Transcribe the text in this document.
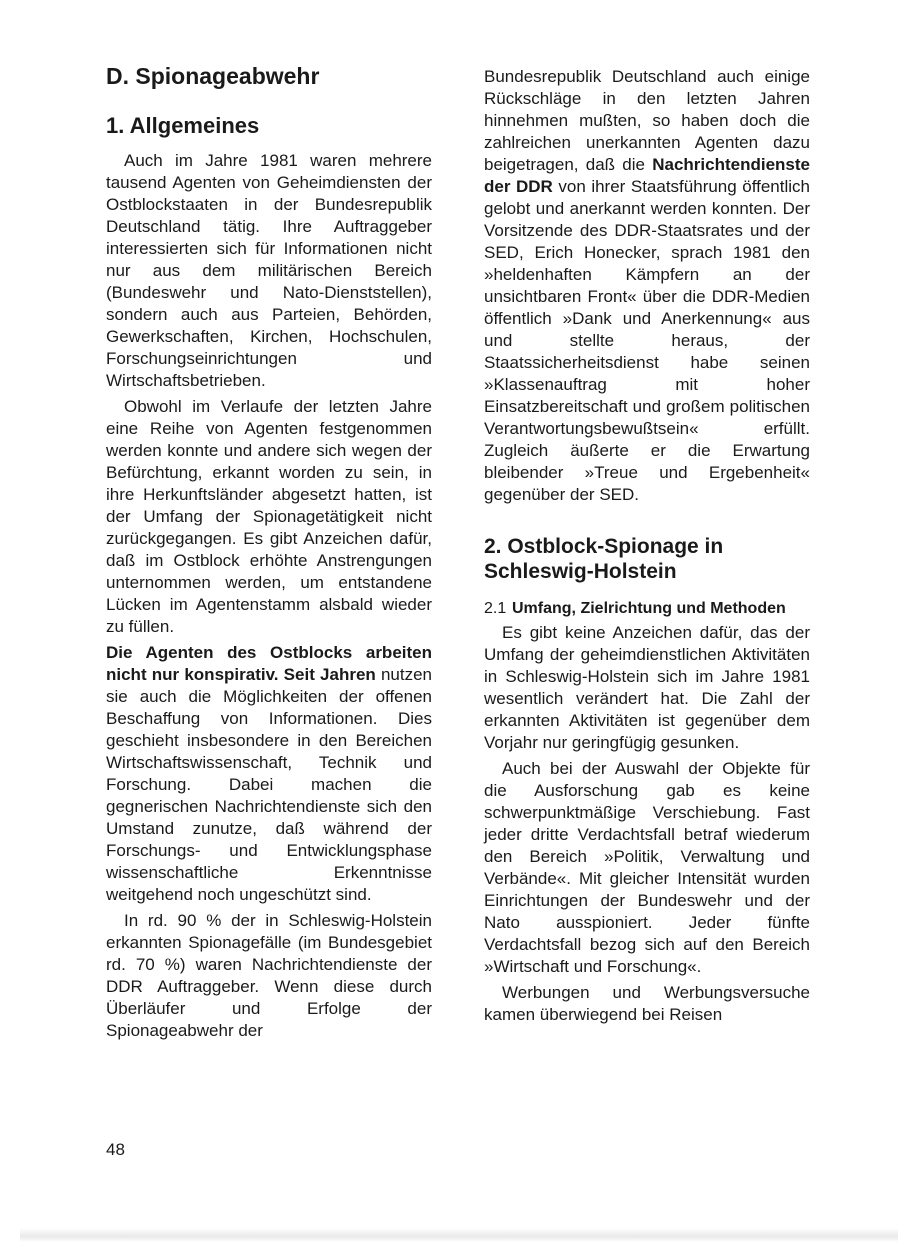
D. Spionageabwehr
1. Allgemeines

Auch im Jahre 1981 waren mehrere tausend Agenten von Geheimdiensten der Ostblockstaaten in der Bundesrepublik Deutschland tätig. Ihre Auftraggeber interessierten sich für Informationen nicht nur aus dem militärischen Bereich (Bundeswehr und Nato-Dienststellen), sondern auch aus Parteien, Behörden, Gewerkschaften, Kirchen, Hochschulen, Forschungseinrichtungen und Wirtschaftsbetrieben.

Obwohl im Verlaufe der letzten Jahre eine Reihe von Agenten festgenommen werden konnte und andere sich wegen der Befürchtung, erkannt worden zu sein, in ihre Herkunftsländer abgesetzt hatten, ist der Umfang der Spionagetätigkeit nicht zurückgegangen. Es gibt Anzeichen dafür, daß im Ostblock erhöhte Anstrengungen unternommen werden, um entstandene Lücken im Agentenstamm alsbald wieder zu füllen.

Die Agenten des Ostblocks arbeiten nicht nur konspirativ. Seit Jahren nutzen sie auch die Möglichkeiten der offenen Beschaffung von Informationen. Dies geschieht insbesondere in den Bereichen Wirtschaftswissenschaft, Technik und Forschung. Dabei machen die gegnerischen Nachrichtendienste sich den Umstand zunutze, daß während der Forschungs- und Entwicklungsphase wissenschaftliche Erkenntnisse weitgehend noch ungeschützt sind.

In rd. 90 % der in Schleswig-Holstein erkannten Spionagefälle (im Bundesgebiet rd. 70 %) waren Nachrichtendienste der DDR Auftraggeber. Wenn diese durch Überläufer und Erfolge der Spionageabwehr der

Bundesrepublik Deutschland auch einige Rückschläge in den letzten Jahren hinnehmen mußten, so haben doch die zahlreichen unerkannten Agenten dazu beigetragen, daß die Nachrichtendienste der DDR von ihrer Staatsführung öffentlich gelobt und anerkannt werden konnten. Der Vorsitzende des DDR-Staatsrates und der SED, Erich Honecker, sprach 1981 den »heldenhaften Kämpfern an der unsichtbaren Front« über die DDR-Medien öffentlich »Dank und Anerkennung« aus und stellte heraus, der Staatssicherheitsdienst habe seinen »Klassenauftrag mit hoher Einsatzbereitschaft und großem politischen Verantwortungsbewußtsein« erfüllt. Zugleich äußerte er die Erwartung bleibender »Treue und Ergebenheit« gegenüber der SED.

2. Ostblock-Spionage in Schleswig-Holstein
2.1 Umfang, Zielrichtung und Methoden

Es gibt keine Anzeichen dafür, das der Umfang der geheimdienstlichen Aktivitäten in Schleswig-Holstein sich im Jahre 1981 wesentlich verändert hat. Die Zahl der erkannten Aktivitäten ist gegenüber dem Vorjahr nur geringfügig gesunken.

Auch bei der Auswahl der Objekte für die Ausforschung gab es keine schwerpunktmäßige Verschiebung. Fast jeder dritte Verdachtsfall betraf wiederum den Bereich »Politik, Verwaltung und Verbände«. Mit gleicher Intensität wurden Einrichtungen der Bundeswehr und der Nato ausspioniert. Jeder fünfte Verdachtsfall bezog sich auf den Bereich »Wirtschaft und Forschung«.

Werbungen und Werbungsversuche kamen überwiegend bei Reisen

48
